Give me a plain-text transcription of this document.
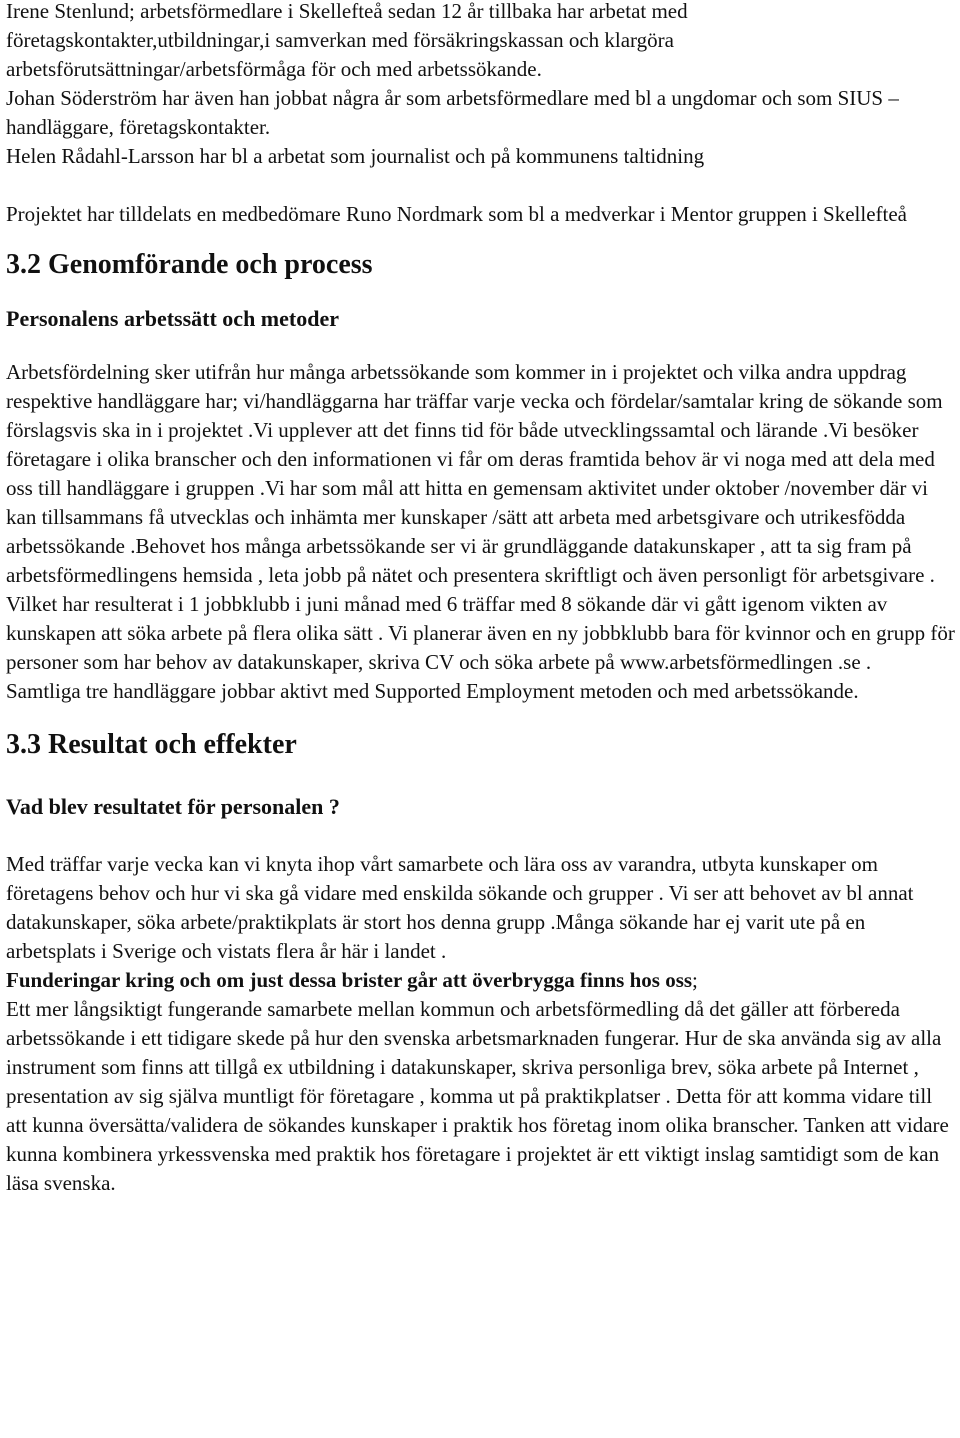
Irene Stenlund; arbetsförmedlare i Skellefteå sedan 12 år tillbaka har arbetat med företagskontakter,utbildningar,i samverkan med försäkringskassan och klargöra arbetsförutsättningar/arbetsförmåga för och med arbetssökande.

Johan Söderström har även han jobbat några år som arbetsförmedlare med bl a ungdomar och som SIUS –handläggare, företagskontakter.

Helen Rådahl-Larsson har bl a arbetat som journalist och på kommunens taltidning

Projektet har tilldelats en medbedömare Runo Nordmark som bl a medverkar i Mentor gruppen i Skellefteå

3.2 Genomförande och process
Personalens arbetssätt och metoder

Arbetsfördelning sker utifrån hur många arbetssökande som kommer in i projektet och vilka andra uppdrag respektive handläggare har; vi/handläggarna har träffar varje vecka och fördelar/samtalar kring de sökande som förslagsvis ska in i projektet .Vi upplever att det finns tid för både utvecklingssamtal och lärande .Vi besöker företagare i olika branscher och den informationen vi får om deras framtida behov är vi noga med att dela med oss till handläggare i gruppen .Vi har som mål att hitta en gemensam aktivitet under oktober /november där vi kan tillsammans få utvecklas och inhämta mer kunskaper /sätt att arbeta med arbetsgivare och utrikesfödda arbetssökande .Behovet hos många arbetssökande ser vi är grundläggande datakunskaper , att ta sig fram på arbetsförmedlingens hemsida , leta jobb på nätet och presentera skriftligt och även personligt för arbetsgivare . Vilket har resulterat i 1 jobbklubb i juni månad med 6 träffar med 8 sökande där vi gått igenom vikten av kunskapen att söka arbete på flera olika sätt . Vi planerar även en ny jobbklubb bara för kvinnor och en grupp för personer som har behov av datakunskaper, skriva CV och söka arbete på www.arbetsförmedlingen .se .

Samtliga tre handläggare jobbar aktivt med Supported Employment metoden och med arbetssökande.

3.3 Resultat och effekter
Vad blev resultatet för personalen ?

Med träffar varje vecka kan vi knyta ihop vårt samarbete och lära oss av varandra, utbyta kunskaper om företagens behov och hur vi ska gå vidare med enskilda sökande och grupper . Vi ser att behovet av bl annat datakunskaper, söka arbete/praktikplats är stort hos denna grupp .Många sökande har ej varit ute på en arbetsplats i Sverige och vistats flera år här i landet .

Funderingar kring och om just dessa brister går att överbrygga finns hos oss;

Ett mer långsiktigt fungerande samarbete mellan kommun och arbetsförmedling då det gäller att förbereda arbetssökande i ett tidigare skede på hur den svenska arbetsmarknaden fungerar. Hur de ska använda sig av alla instrument som finns att tillgå ex utbildning i datakunskaper, skriva personliga brev, söka arbete på Internet , presentation av sig själva muntligt för företagare , komma ut på praktikplatser . Detta för att komma vidare till att kunna översätta/validera de sökandes kunskaper i praktik hos företag inom olika branscher. Tanken att vidare kunna kombinera yrkessvenska med praktik hos företagare i projektet är ett viktigt inslag samtidigt som de kan läsa svenska.
